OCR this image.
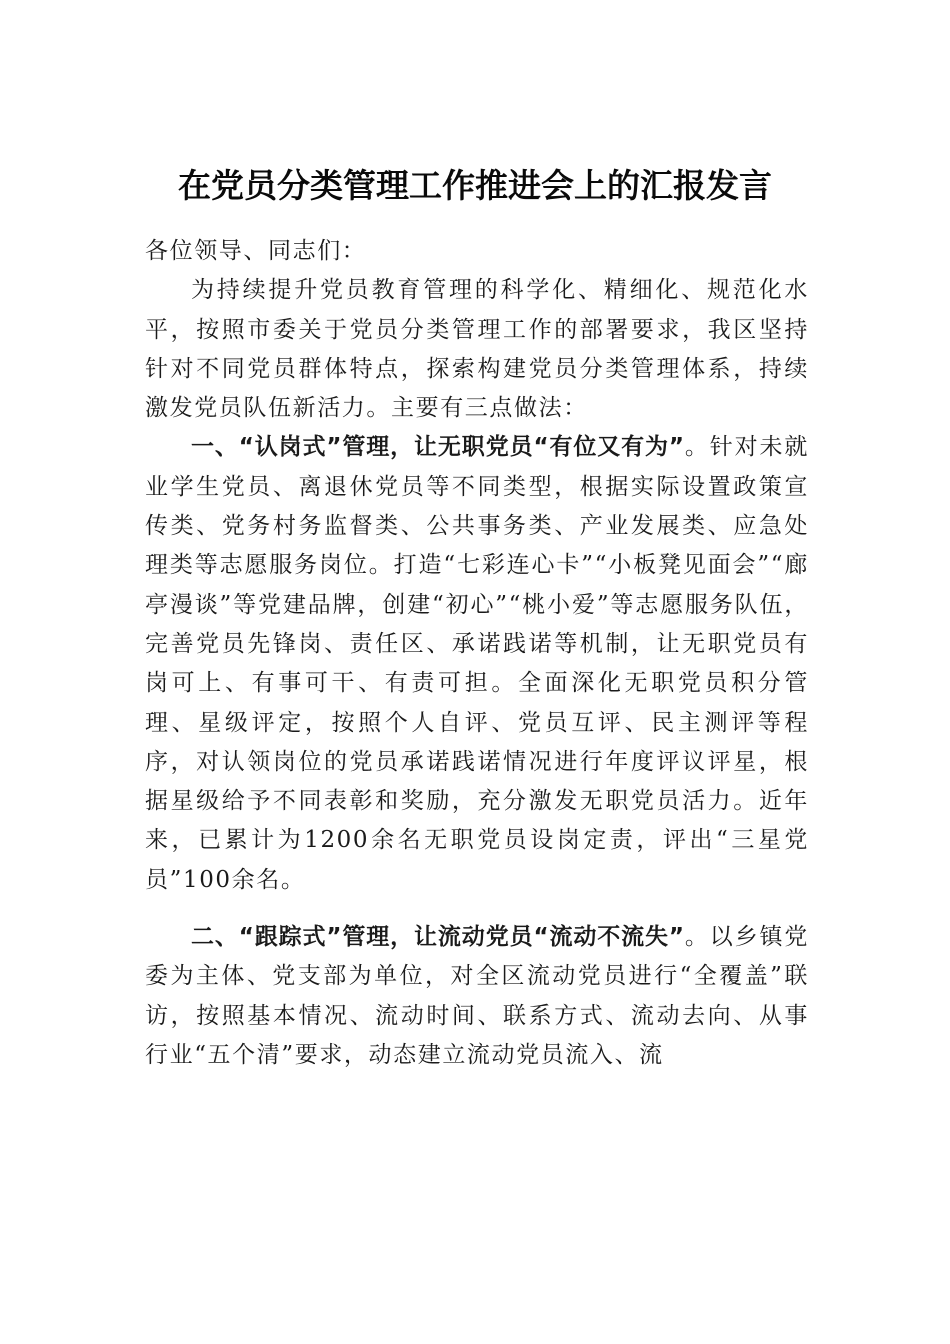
在党员分类管理工作推进会上的汇报发言

各位领导、同志们：

为持续提升党员教育管理的科学化、精细化、规范化水平，按照市委关于党员分类管理工作的部署要求，我区坚持针对不同党员群体特点，探索构建党员分类管理体系，持续激发党员队伍新活力。主要有三点做法：

一、“认岗式”管理，让无职党员“有位又有为”。针对未就业学生党员、离退休党员等不同类型，根据实际设置政策宣传类、党务村务监督类、公共事务类、产业发展类、应急处理类等志愿服务岗位。打造“七彩连心卡”“小板凳见面会”“廊亭漫谈”等党建品牌，创建“初心”“桃小爱”等志愿服务队伍，完善党员先锋岗、责任区、承诺践诺等机制，让无职党员有岗可上、有事可干、有责可担。全面深化无职党员积分管理、星级评定，按照个人自评、党员互评、民主测评等程序，对认领岗位的党员承诺践诺情况进行年度评议评星，根据星级给予不同表彰和奖励，充分激发无职党员活力。近年来，已累计为1200余名无职党员设岗定责，评出“三星党员”100余名。

二、“跟踪式”管理，让流动党员“流动不流失”。以乡镇党委为主体、党支部为单位，对全区流动党员进行“全覆盖”联访，按照基本情况、流动时间、联系方式、流动去向、从事行业“五个清”要求，动态建立流动党员流入、流
